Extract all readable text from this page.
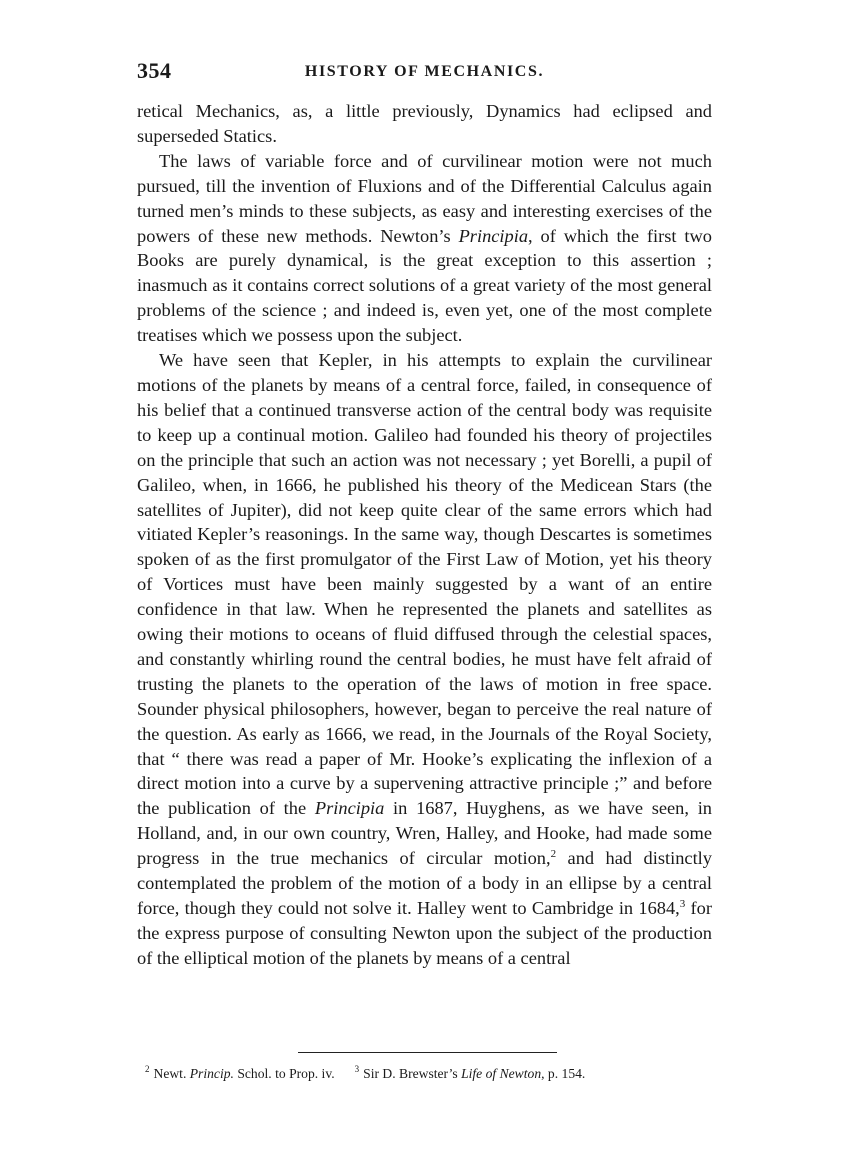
354	HISTORY OF MECHANICS.

retical Mechanics, as, a little previously, Dynamics had eclipsed and superseded Statics.

The laws of variable force and of curvilinear motion were not much pursued, till the invention of Fluxions and of the Differential Calculus again turned men’s minds to these subjects, as easy and interesting exercises of the powers of these new methods. Newton’s Principia, of which the first two Books are purely dynamical, is the great exception to this assertion ; inasmuch as it contains correct solutions of a great variety of the most general problems of the science ; and indeed is, even yet, one of the most complete treatises which we possess upon the subject.

We have seen that Kepler, in his attempts to explain the curvilinear motions of the planets by means of a central force, failed, in consequence of his belief that a continued transverse action of the central body was requisite to keep up a continual motion. Galileo had founded his theory of projectiles on the principle that such an action was not necessary ; yet Borelli, a pupil of Galileo, when, in 1666, he published his theory of the Medicean Stars (the satellites of Jupiter), did not keep quite clear of the same errors which had vitiated Kepler’s reasonings. In the same way, though Descartes is sometimes spoken of as the first promulgator of the First Law of Motion, yet his theory of Vortices must have been mainly suggested by a want of an entire confidence in that law. When he represented the planets and satellites as owing their motions to oceans of fluid diffused through the celestial spaces, and constantly whirling round the central bodies, he must have felt afraid of trusting the planets to the operation of the laws of motion in free space. Sounder physical philosophers, however, began to perceive the real nature of the question. As early as 1666, we read, in the Journals of the Royal Society, that “ there was read a paper of Mr. Hooke’s explicating the inflexion of a direct motion into a curve by a supervening attractive principle ;” and before the publication of the Principia in 1687, Huyghens, as we have seen, in Holland, and, in our own country, Wren, Halley, and Hooke, had made some progress in the true mechanics of circular motion,$^2$ and had distinctly contemplated the problem of the motion of a body in an ellipse by a central force, though they could not solve it. Halley went to Cambridge in 1684,$^3$ for the express purpose of consulting Newton upon the subject of the production of the elliptical motion of the planets by means of a central

$^2$ Newt. Princip. Schol. to Prop. iv. $^3$ Sir D. Brewster’s Life of Newton, p. 154.
